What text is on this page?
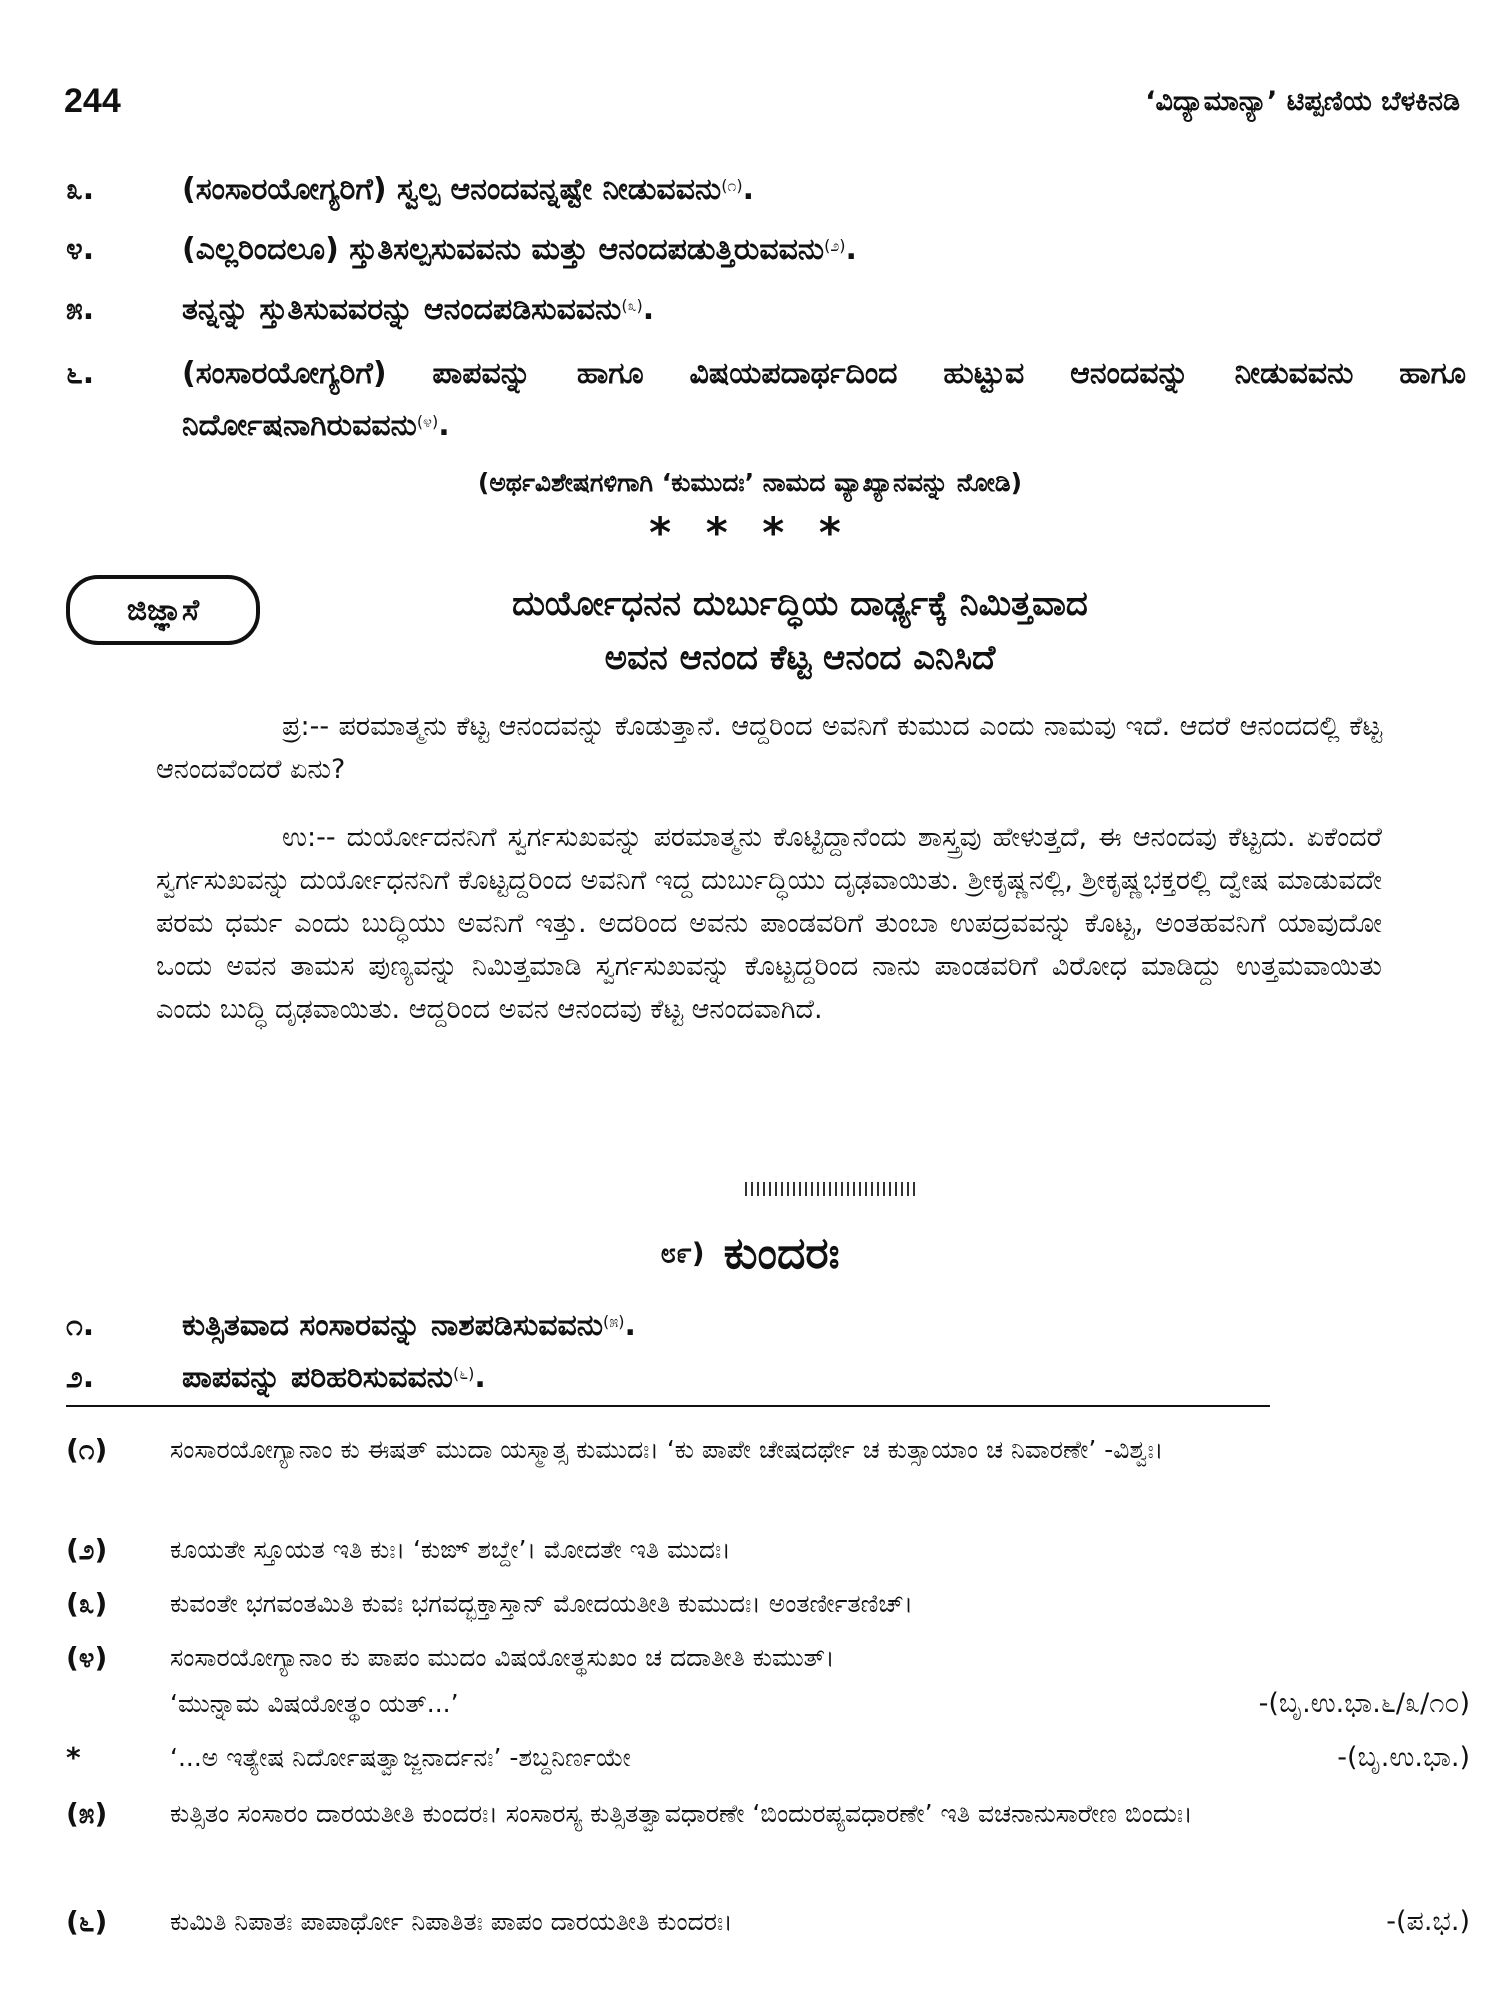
244	‘ವಿದ್ಯಾಮಾನ್ಯಾ’ ಟಿಪ್ಪಣಿಯ ಬೆಳಕಿನಡಿ
೩.	(ಸಂಸಾರಯೋಗ್ಯರಿಗೆ) ಸ್ವಲ್ಪ ಆನಂದವನ್ನಷ್ಟೇ ನೀಡುವವನು$^{(೧)}$.
೪.	(ಎಲ್ಲರಿಂದಲೂ) ಸ್ತುತಿಸಲ್ಪಸುವವನು ಮತ್ತು ಆನಂದಪಡುತ್ತಿರುವವನು$^{(೨)}$.
೫.	ತನ್ನನ್ನು ಸ್ತುತಿಸುವವರನ್ನು ಆನಂದಪಡಿಸುವವನು$^{(೩)}$.
೬.	(ಸಂಸಾರಯೋಗ್ಯರಿಗೆ) ಪಾಪವನ್ನು ಹಾಗೂ ವಿಷಯಪದಾರ್ಥದಿಂದ ಹುಟ್ಟುವ ಆನಂದವನ್ನು ನೀಡುವವನು ಹಾಗೂ ನಿರ್ದೋಷನಾಗಿರುವವನು$^{(೪)}$.
(ಅರ್ಥವಿಶೇಷಗಳಿಗಾಗಿ ‘ಕುಮುದಃ’ ನಾಮದ ವ್ಯಾಖ್ಯಾನವನ್ನು ನೋಡಿ)
* * * *
ಜಿಜ್ಞಾಸೆ	ದುರ್ಯೋಧನನ ದುರ್ಬುದ್ಧಿಯ ದಾರ್ಢ್ಯಕ್ಕೆ ನಿಮಿತ್ತವಾದ
ಅವನ ಆನಂದ ಕೆಟ್ಟ ಆನಂದ ಎನಿಸಿದೆ
ಪ್ರ:-- ಪರಮಾತ್ಮನು ಕೆಟ್ಟ ಆನಂದವನ್ನು ಕೊಡುತ್ತಾನೆ. ಆದ್ದರಿಂದ ಅವನಿಗೆ ಕುಮುದ ಎಂದು ನಾಮವು ಇದೆ. ಆದರೆ ಆನಂದದಲ್ಲಿ ಕೆಟ್ಟ ಆನಂದವೆಂದರೆ ಏನು?
ಉ:-- ದುರ್ಯೋದನನಿಗೆ ಸ್ವರ್ಗಸುಖವನ್ನು ಪರಮಾತ್ಮನು ಕೊಟ್ಟಿದ್ದಾನೆಂದು ಶಾಸ್ತ್ರವು ಹೇಳುತ್ತದೆ, ಈ ಆನಂದವು ಕೆಟ್ಟದು. ಏಕೆಂದರೆ ಸ್ವರ್ಗಸುಖವನ್ನು ದುರ್ಯೋಧನನಿಗೆ ಕೊಟ್ಟದ್ದರಿಂದ ಅವನಿಗೆ ಇದ್ದ ದುರ್ಬುದ್ಧಿಯು ದೃಢವಾಯಿತು. ಶ್ರೀಕೃಷ್ಣನಲ್ಲಿ, ಶ್ರೀಕೃಷ್ಣಭಕ್ತರಲ್ಲಿ ದ್ವೇಷ ಮಾಡುವದೇ ಪರಮ ಧರ್ಮ ಎಂದು ಬುದ್ಧಿಯು ಅವನಿಗೆ ಇತ್ತು. ಅದರಿಂದ ಅವನು ಪಾಂಡವರಿಗೆ ತುಂಬಾ ಉಪದ್ರವವನ್ನು ಕೊಟ್ಟ, ಅಂತಹವನಿಗೆ ಯಾವುದೋ ಒಂದು ಅವನ ತಾಮಸ ಪುಣ್ಯವನ್ನು ನಿಮಿತ್ತಮಾಡಿ ಸ್ವರ್ಗಸುಖವನ್ನು ಕೊಟ್ಟದ್ದರಿಂದ ನಾನು ಪಾಂಡವರಿಗೆ ವಿರೋಧ ಮಾಡಿದ್ದು ಉತ್ತಮವಾಯಿತು ಎಂದು ಬುದ್ಧಿ ದೃಢವಾಯಿತು. ಆದ್ದರಿಂದ ಅವನ ಆನಂದವು ಕೆಟ್ಟ ಆನಂದವಾಗಿದೆ.
೮೯) ಕುಂದರಃ
೧.	ಕುತ್ಸಿತವಾದ ಸಂಸಾರವನ್ನು ನಾಶಪಡಿಸುವವನು$^{(೫)}$.
೨.	ಪಾಪವನ್ನು ಪರಿಹರಿಸುವವನು$^{(೬)}$.
(೧)	ಸಂಸಾರಯೋಗ್ಯಾನಾಂ ಕು ಈಷತ್ ಮುದಾ ಯಸ್ಮಾತ್ಸ ಕುಮುದಃ। ‘ಕು ಪಾಪೇ ಚೇಷದರ್ಥೇ ಚ ಕುತ್ಸಾಯಾಂ ಚ ನಿವಾರಣೇ’ -ವಿಶ್ವಃ।
(೨)	ಕೂಯತೇ ಸ್ತೂಯತ ಇತಿ ಕುಃ। ‘ಕುಙ್ ಶಬ್ದೇ’। ಮೋದತೇ ಇತಿ ಮುದಃ।
(೩)	ಕುವಂತೇ ಭಗವಂತಮಿತಿ ಕುವಃ ಭಗವದ್ಭಕ್ತಾಸ್ತಾನ್ ಮೋದಯತೀತಿ ಕುಮುದಃ। ಅಂತರ್ಣೀತಣಿಚ್।
(೪)	ಸಂಸಾರಯೋಗ್ಯಾನಾಂ ಕು ಪಾಪಂ ಮುದಂ ವಿಷಯೋತ್ಥಸುಖಂ ಚ ದದಾತೀತಿ ಕುಮುತ್।
‘ಮುನ್ನಾಮ ವಿಷಯೋತ್ಥಂ ಯತ್...’	-(ಬೃ.ಉ.ಭಾ.೬/೩/೧೦)
*	‘...ಅ ಇತ್ಯೇಷ ನಿರ್ದೋಷತ್ವಾಜ್ಜನಾರ್ದನಃ’ -ಶಬ್ದನಿರ್ಣಯೇ	-(ಬೃ.ಉ.ಭಾ.)
(೫)	ಕುತ್ಸಿತಂ ಸಂಸಾರಂ ದಾರಯತೀತಿ ಕುಂದರಃ। ಸಂಸಾರಸ್ಯ ಕುತ್ಸಿತತ್ವಾವಧಾರಣೇ ‘ಬಿಂದುರಪ್ಯವಧಾರಣೇ’ ಇತಿ ವಚನಾನುಸಾರೇಣ ಬಿಂದುಃ।
(೬)	ಕುಮಿತಿ ನಿಪಾತಃ ಪಾಪಾರ್ಥೋ ನಿಪಾತಿತಃ ಪಾಪಂ ದಾರಯತೀತಿ ಕುಂದರಃ।	-(ಪ.ಭ.)
